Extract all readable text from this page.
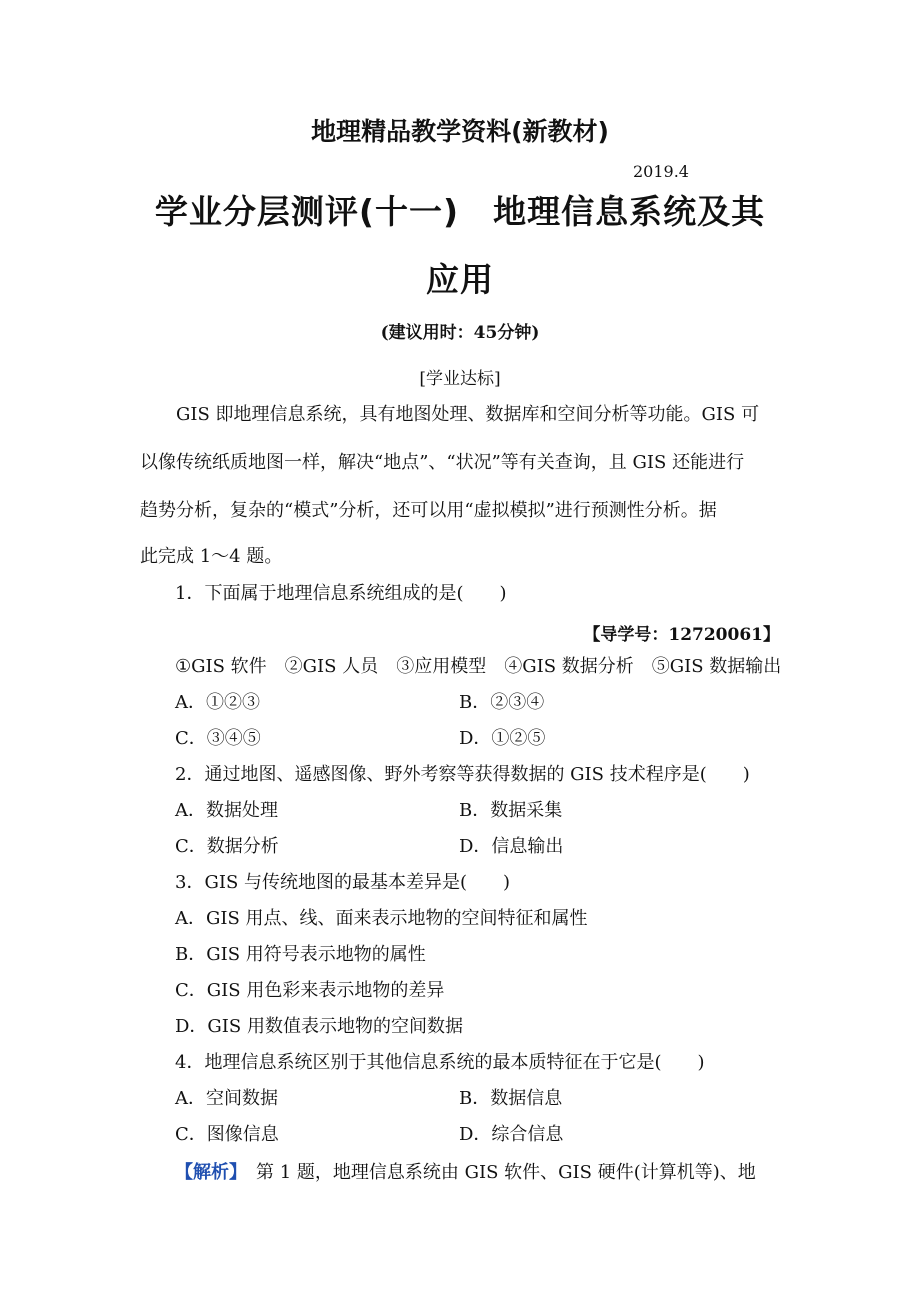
地理精品教学资料(新教材)
2019.4
学业分层测评(十一)　地理信息系统及其
应用
(建议用时：45分钟)
[学业达标]
　　GIS 即地理信息系统，具有地图处理、数据库和空间分析等功能。GIS 可
以像传统纸质地图一样，解决“地点”、“状况”等有关查询，且 GIS 还能进行
趋势分析，复杂的“模式”分析，还可以用“虚拟模拟”进行预测性分析。据
此完成 1～4 题。
1．下面属于地理信息系统组成的是(　　)
【导学号：12720061】
①GIS 软件　②GIS 人员　③应用模型　④GIS 数据分析　⑤GIS 数据输出
A．①②③	B．②③④
C．③④⑤	D．①②⑤
2．通过地图、遥感图像、野外考察等获得数据的 GIS 技术程序是(　　)
A．数据处理	B．数据采集
C．数据分析	D．信息输出
3．GIS 与传统地图的最基本差异是(　　)
A．GIS 用点、线、面来表示地物的空间特征和属性
B．GIS 用符号表示地物的属性
C．GIS 用色彩来表示地物的差异
D．GIS 用数值表示地物的空间数据
4．地理信息系统区别于其他信息系统的最本质特征在于它是(　　)
A．空间数据	B．数据信息
C．图像信息	D．综合信息
【解析】　第 1 题，地理信息系统由 GIS 软件、GIS 硬件(计算机等)、地
